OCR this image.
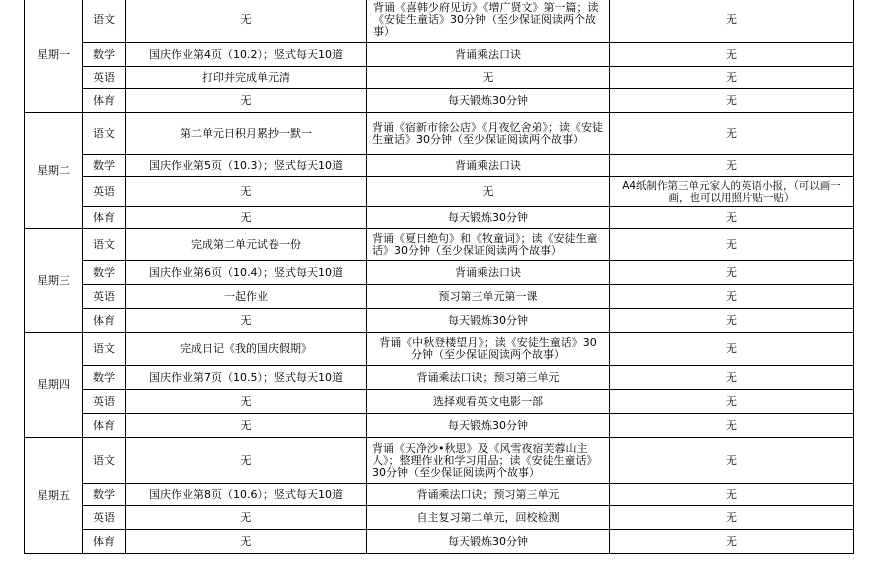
星期一	语文	无	背诵《喜韩少府见访》《增广贤文》第一篇；读《安徒生童话》30分钟（至少保证阅读两个故事）	无
	数学	国庆作业第4页（10.2）；竖式每天10道	背诵乘法口诀	无
	英语	打印并完成单元清	无	无
	体育	无	每天锻炼30分钟	无
星期二	语文	第二单元日积月累抄一默一	背诵《宿新市徐公店》《月夜忆舍弟》；读《安徒生童话》30分钟（至少保证阅读两个故事）	无
	数学	国庆作业第5页（10.3）；竖式每天10道	背诵乘法口诀	无
	英语	无	无	A4纸制作第三单元家人的英语小报，（可以画一画，也可以用照片贴一贴）
	体育	无	每天锻炼30分钟	无
星期三	语文	完成第二单元试卷一份	背诵《夏日绝句》和《牧童词》；读《安徒生童话》30分钟（至少保证阅读两个故事）	无
	数学	国庆作业第6页（10.4）；竖式每天10道	背诵乘法口诀	无
	英语	一起作业	预习第三单元第一课	无
	体育	无	每天锻炼30分钟	无
星期四	语文	完成日记《我的国庆假期》	背诵《中秋登楼望月》；读《安徒生童话》30分钟（至少保证阅读两个故事）	无
	数学	国庆作业第7页（10.5）；竖式每天10道	背诵乘法口诀；预习第三单元	无
	英语	无	选择观看英文电影一部	无
	体育	无	每天锻炼30分钟	无
星期五	语文	无	背诵《天净沙•秋思》及《风雪夜宿芙蓉山主人》；整理作业和学习用品；读《安徒生童话》30分钟（至少保证阅读两个故事）	无
	数学	国庆作业第8页（10.6）；竖式每天10道	背诵乘法口诀；预习第三单元	无
	英语	无	自主复习第二单元，回校检测	无
	体育	无	每天锻炼30分钟	无
